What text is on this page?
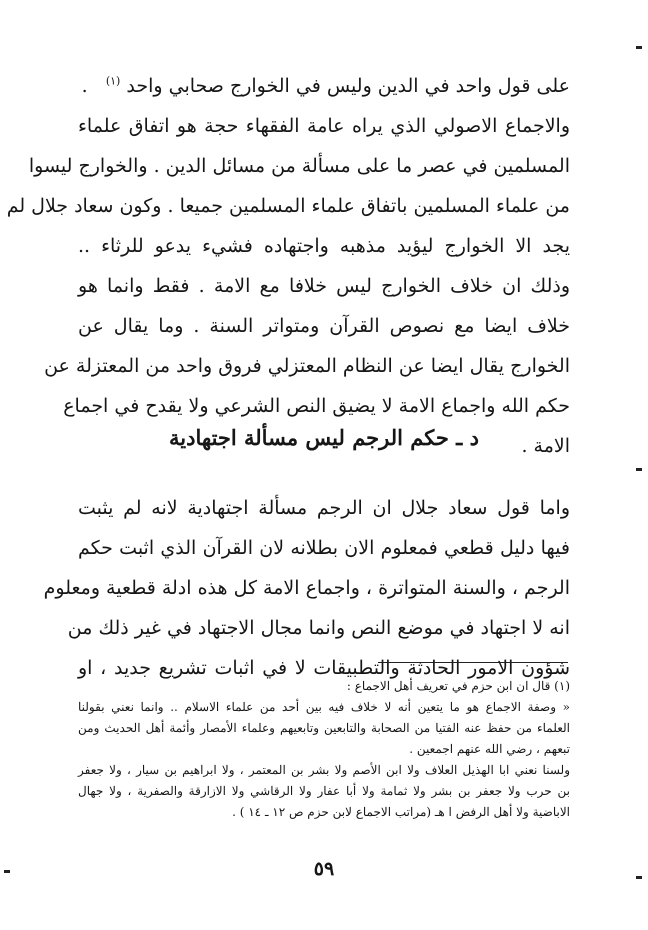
على قول واحد في الدين وليس في الخوارج صحابي واحد $^{(١)}$   .
والاجماع الاصولي الذي يراه عامة الفقهاء حجة هو اتفاق علماء
المسلمين في عصر ما على مسألة من مسائل الدين . والخوارج ليسوا
من علماء المسلمين باتفاق علماء المسلمين جميعا . وكون سعاد جلال لم
يجد الا الخوارج ليؤيد مذهبه واجتهاده فشيء يدعو للرثاء ..
وذلك ان خلاف الخوارج ليس خلافا مع الامة . فقط وانما هو
خلاف ايضا مع نصوص القرآن ومتواتر السنة . وما يقال عن
الخوارج يقال ايضا عن النظام المعتزلي فروق واحد من المعتزلة عن
حكم الله واجماع الامة لا يضيق النص الشرعي ولا يقدح في اجماع
الامة .
د ـ حكم الرجم ليس مسألة اجتهادية
واما قول سعاد جلال ان الرجم مسألة اجتهادية لانه لم يثبت
فيها دليل قطعي فمعلوم الان بطلانه لان القرآن الذي اثبت حكم
الرجم ، والسنة المتواترة ، واجماع الامة كل هذه ادلة قطعية ومعلوم
انه لا اجتهاد في موضع النص وانما مجال الاجتهاد في غير ذلك من
شؤون الامور الحادثة والتطبيقات لا في اثبات تشريع جديد ، او
(١) قال ان ابن حزم في تعريف أهل الاجماع :
« وصفة الاجماع هو ما يتعين أنه لا خلاف فيه بين أحد من علماء الاسلام .. وانما نعني بقولنا
العلماء من حفظ عنه الفتيا من الصحابة والتابعين وتابعيهم وعلماء الأمصار وأئمة أهل الحديث ومن
تبعهم ، رضي الله عنهم اجمعين .
ولسنا نعني ابا الهذيل العلاف ولا ابن الأصم ولا بشر بن المعتمر ، ولا ابراهيم بن سيار ، ولا جعفر
بن حرب ولا جعفر بن بشر ولا ثمامة ولا أبا عفار ولا الرقاشي ولا الازارقة والصفرية ، ولا جهال
الاباضية ولا أهل الرفض ا هـ (مراتب الاجماع لابن حزم ص ١٢ ـ ١٤ ) .
٥٩
